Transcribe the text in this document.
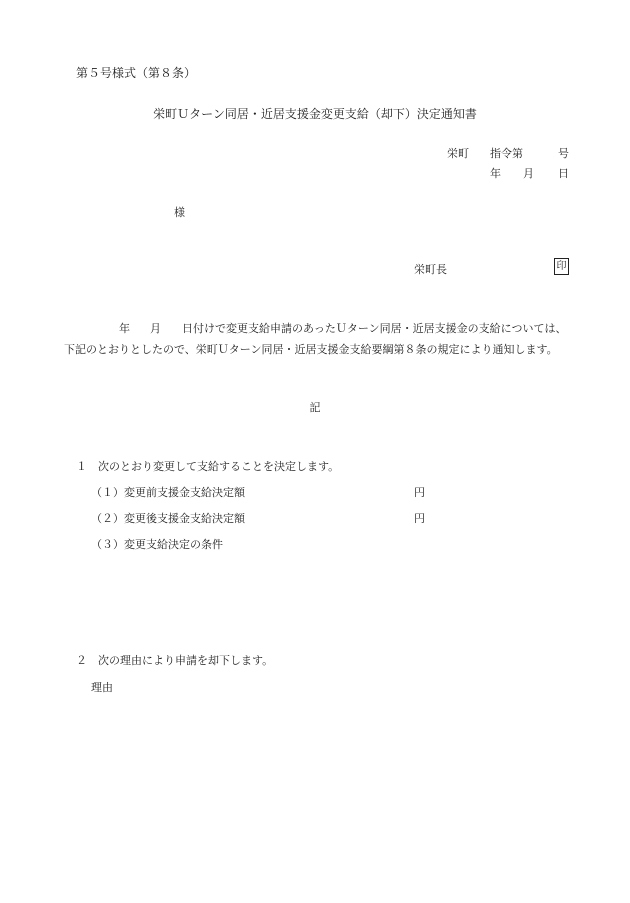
第５号様式（第８条）
栄町Ｕターン同居・近居支援金変更支給（却下）決定通知書
栄町 指令第	号
年 月 日
様
栄町長	印
年 月 日付けで変更支給申請のあったＵターン同居・近居支援金の支給については、
下記のとおりとしたので、栄町Ｕターン同居・近居支援金支給要綱第８条の規定により通知します。
記
１　次のとおり変更して支給することを決定します。
（１）変更前支援金支給決定額	円
（２）変更後支援金支給決定額	円
（３）変更支給決定の条件
２　次の理由により申請を却下します。
理由
